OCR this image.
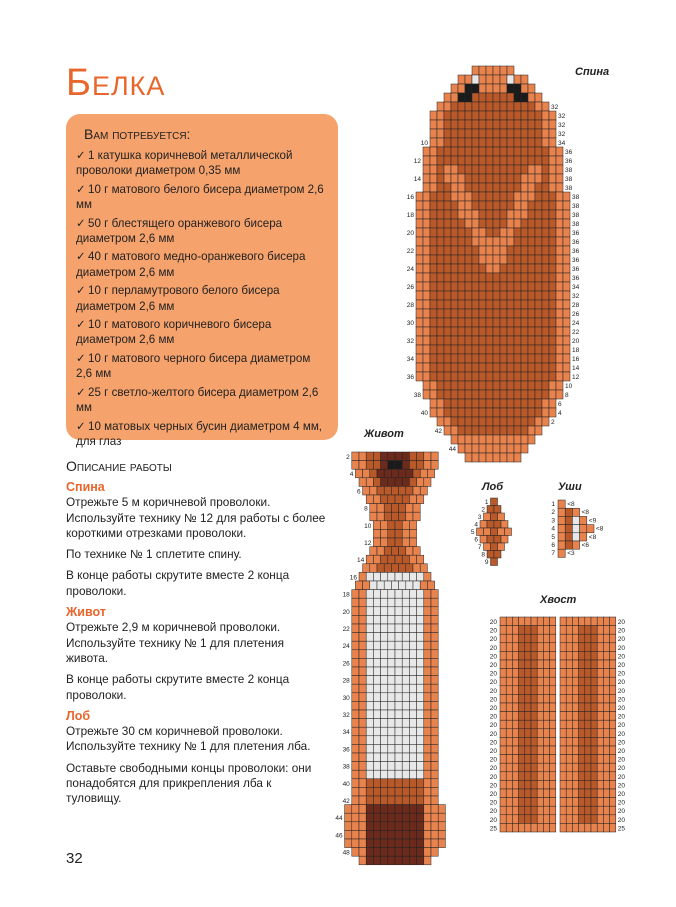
Белка
Вам потребуется:
✓ 1 катушка коричневой металлической проволоки диаметром 0,35 мм
✓ 10 г матового белого бисера диаметром 2,6 мм
✓ 50 г блестящего оранжевого бисера диаметром 2,6 мм
✓ 40 г матового медно-оранжевого бисера диаметром 2,6 мм
✓ 10 г перламутрового белого бисера диаметром 2,6 мм
✓ 10 г матового коричневого бисера диаметром 2,6 мм
✓ 10 г матового черного бисера диаметром 2,6 мм
✓ 25 г светло-желтого бисера диаметром 2,6 мм
✓ 10 матовых черных бусин диаметром 4 мм, для глаз
Описание работы
Спина

Отрежьте 5 м коричневой проволоки. Используйте технику № 12 для работы с более короткими отрезками проволоки.

По технике № 1 сплетите спину.

В конце работы скрутите вместе 2 конца проволоки.

Живот

Отрежьте 2,9 м коричневой проволоки. Используйте технику № 1 для плетения живота.

В конце работы скрутите вместе 2 конца проволоки.

Лоб

Отрежьте 30 см коричневой проволоки. Используйте технику № 1 для плетения лба.

Оставьте свободными концы проволоки: они понадобятся для прикрепления лба к туловищу.

32
Спина
Живот
Лоб	Уши
Хвост
32
32
32
32
34
36
36
38
38
38
38
38
38
38
36
36
36
36
36
36
34
32
28
26
24
22
20
18
16
14
12
10
8
6
4
2
10
12
14
16
18
20
22
24
26
28
30
32
34
36
38
40
42
44
2
4
6
8
10
12
14
16
18
20
22
24
26
28
30
32
34
36
38
40
42
44
46
48
1
2
3
4
5
6
7
8
9
1 <8
2	<8
3	<9
4	<8
5	<8
6	<6
7 <3
20	20
20	20
20	20
20	20
20	20
20	20
20	20
20	20
20	20
20	20
20	20
20	20
20	20
20	20
20	20
20	20
20	20
20	20
20	20
20	20
20	20
20	20
20	20
20	20
25	25
